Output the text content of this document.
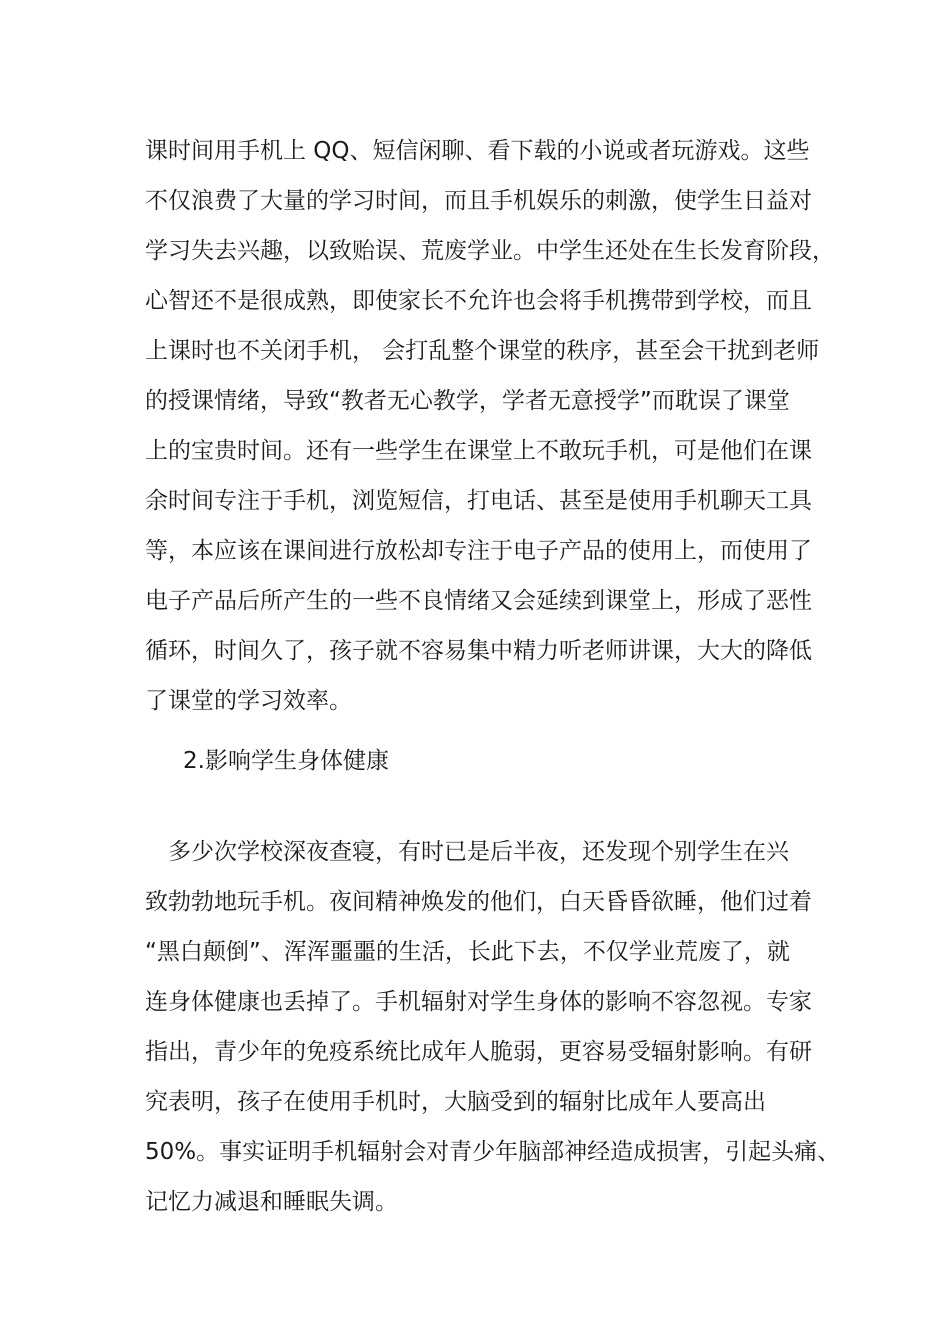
课时间用手机上 QQ、短信闲聊、看下载的小说或者玩游戏。这些
不仅浪费了大量的学习时间，而且手机娱乐的刺激，使学生日益对
学习失去兴趣，以致贻误、荒废学业。中学生还处在生长发育阶段，
心智还不是很成熟，即使家长不允许也会将手机携带到学校，而且
上课时也不关闭手机， 会打乱整个课堂的秩序，甚至会干扰到老师
的授课情绪，导致“教者无心教学，学者无意授学”而耽误了课堂
上的宝贵时间。还有一些学生在课堂上不敢玩手机，可是他们在课
余时间专注于手机，浏览短信，打电话、甚至是使用手机聊天工具
等，本应该在课间进行放松却专注于电子产品的使用上，而使用了
电子产品后所产生的一些不良情绪又会延续到课堂上，形成了恶性
循环，时间久了，孩子就不容易集中精力听老师讲课，大大的降低
了课堂的学习效率。
2.影响学生身体健康
　多少次学校深夜查寝，有时已是后半夜，还发现个别学生在兴
致勃勃地玩手机。夜间精神焕发的他们，白天昏昏欲睡，他们过着
“黑白颠倒”、浑浑噩噩的生活，长此下去，不仅学业荒废了，就
连身体健康也丢掉了。手机辐射对学生身体的影响不容忽视。专家
指出，青少年的免疫系统比成年人脆弱，更容易受辐射影响。有研
究表明，孩子在使用手机时，大脑受到的辐射比成年人要高出
50%。事实证明手机辐射会对青少年脑部神经造成损害，引起头痛、
记忆力减退和睡眠失调。
